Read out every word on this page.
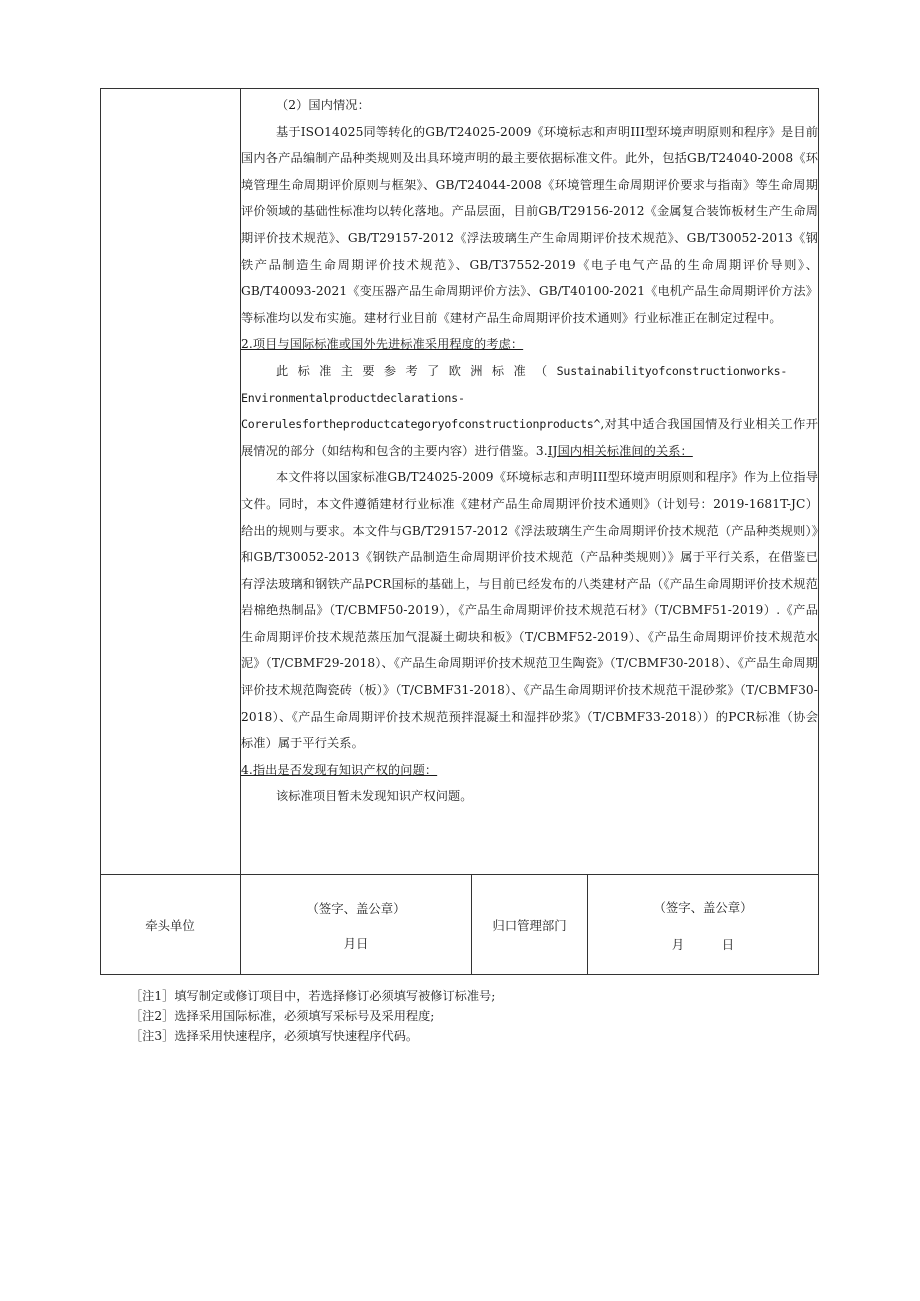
（2）国内情况：

基于ISO14025同等转化的GB/T24025-2009《环境标志和声明III型环境声明原则和程序》是目前国内各产品编制产品种类规则及出具环境声明的最主要依据标准文件。此外，包括GB/T24040-2008《环境管理生命周期评价原则与框架》、GB/T24044-2008《环境管理生命周期评价要求与指南》等生命周期评价领域的基础性标准均以转化落地。产品层面，目前GB/T29156-2012《金属复合装饰板材生产生命周期评价技术规范》、GB/T29157-2012《浮法玻璃生产生命周期评价技术规范》、GB/T30052-2013《钢铁产品制造生命周期评价技术规范》、GB/T37552-2019《电子电气产品的生命周期评价导则》、GB/T40093-2021《变压器产品生命周期评价方法》、GB/T40100-2021《电机产品生命周期评价方法》等标准均以发布实施。建材行业目前《建材产品生命周期评价技术通则》行业标准正在制定过程中。

2.项目与国际标准或国外先进标准采用程度的考虑：

此标准主要参考了欧洲标准（Sustainabilityofconstructionworks-

Environmentalproductdeclarations-

Corerulesfortheproductcategoryofconstructionproducts^,对其中适合我国国情及行业相关工作开展情况的部分（如结构和包含的主要内容）进行借鉴。3.IJ国内相关标准间的关系：

本文件将以国家标准GB/T24025-2009《环境标志和声明III型环境声明原则和程序》作为上位指导文件。同时，本文件遵循建材行业标准《建材产品生命周期评价技术通则》（计划号：2019-1681T-JC）给出的规则与要求。本文件与GB/T29157-2012《浮法玻璃生产生命周期评价技术规范（产品种类规则）》和GB/T30052-2013《钢铁产品制造生命周期评价技术规范（产品种类规则）》属于平行关系，在借鉴已有浮法玻璃和钢铁产品PCR国标的基础上，与目前已经发布的八类建材产品（《产品生命周期评价技术规范岩棉绝热制品》（T/CBMF50-2019），《产品生命周期评价技术规范石材》（T/CBMF51-2019）.《产品生命周期评价技术规范蒸压加气混凝土砌块和板》（T/CBMF52-2019）、《产品生命周期评价技术规范水泥》（T/CBMF29-2018）、《产品生命周期评价技术规范卫生陶瓷》（T/CBMF30-2018）、《产品生命周期评价技术规范陶瓷砖（板）》（T/CBMF31-2018）、《产品生命周期评价技术规范干混砂浆》（T/CBMF30-2018）、《产品生命周期评价技术规范预拌混凝土和湿拌砂浆》（T/CBMF33-2018））的PCR标准（协会标准）属于平行关系。

4.指出是否发现有知识产权的问题：

该标准项目暂未发现知识产权问题。

牵头单位
（签字、盖公章）
月日
归口管理部门
（签字、盖公章）
月	日
［注1］填写制定或修订项目中，若选择修订必须填写被修订标准号;
［注2］选择采用国际标准，必须填写采标号及采用程度;
［注3］选择采用快速程序，必须填写快速程序代码。
